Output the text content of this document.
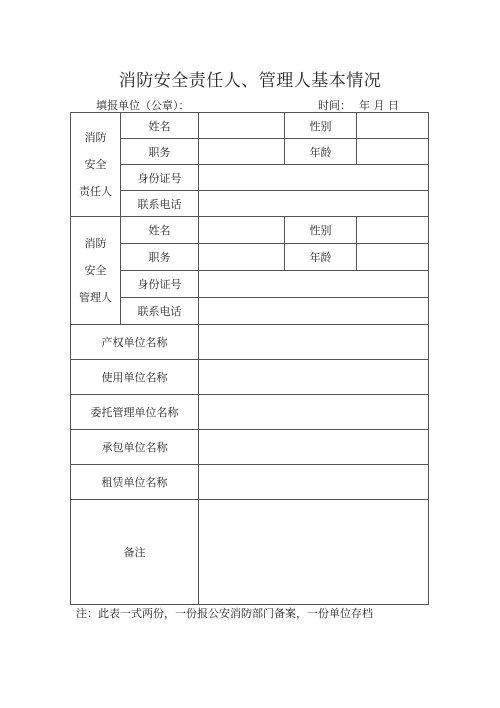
消防安全责任人、管理人基本情况
填报单位（公章）：	时间： 年 月 日
消防
安全
责任人	姓名		性别	
	职务		年龄	
	身份证号			
	联系电话			

消防
安全
管理人	姓名		性别	
	职务		年龄	
	身份证号			
	联系电话			
产权单位名称				
使用单位名称				
委托管理单位名称				
承包单位名称				
租赁单位名称				
备注				
注：此表一式两份，一份报公安消防部门备案，一份单位存档
